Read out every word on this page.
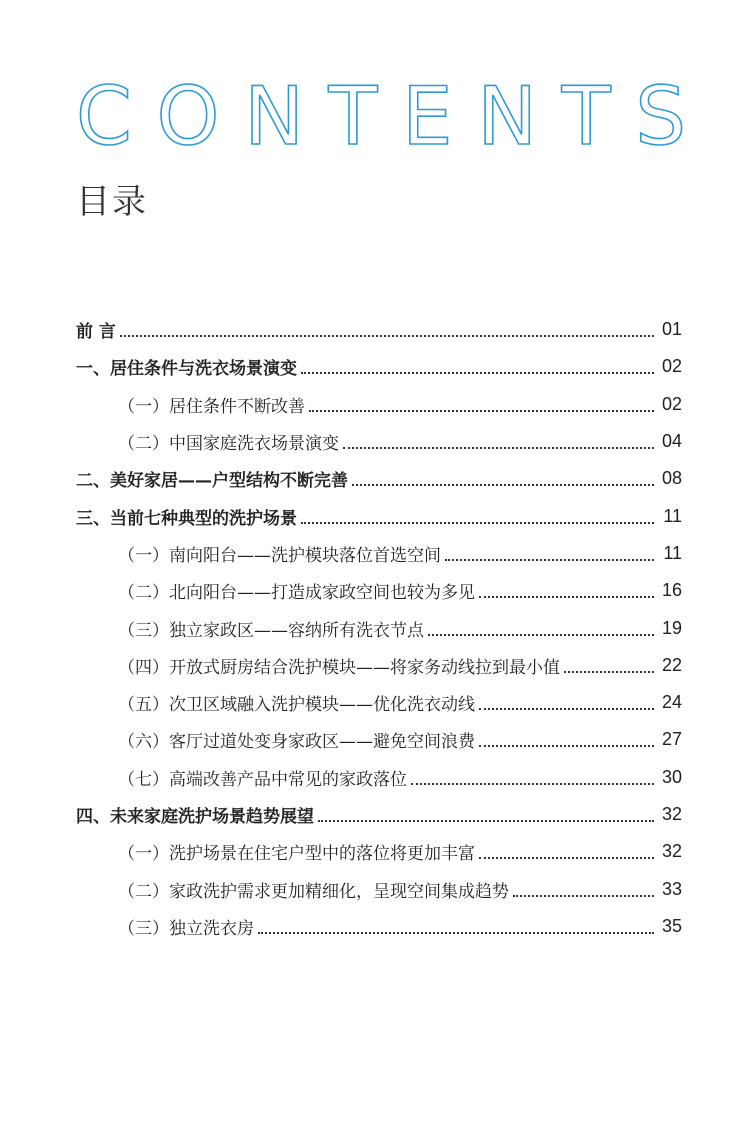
C O N T E N T S
目录
前 言	01
一、居住条件与洗衣场景演变	02
（一）居住条件不断改善	02
（二）中国家庭洗衣场景演变	04
二、美好家居——户型结构不断完善	08
三、当前七种典型的洗护场景	11
（一）南向阳台——洗护模块落位首选空间	11
（二）北向阳台——打造成家政空间也较为多见	16
（三）独立家政区——容纳所有洗衣节点	19
（四）开放式厨房结合洗护模块——将家务动线拉到最小值	22
（五）次卫区域融入洗护模块——优化洗衣动线	24
（六）客厅过道处变身家政区——避免空间浪费	27
（七）高端改善产品中常见的家政落位	30
四、未来家庭洗护场景趋势展望	32
（一）洗护场景在住宅户型中的落位将更加丰富	32
（二）家政洗护需求更加精细化，呈现空间集成趋势	33
（三）独立洗衣房	35
